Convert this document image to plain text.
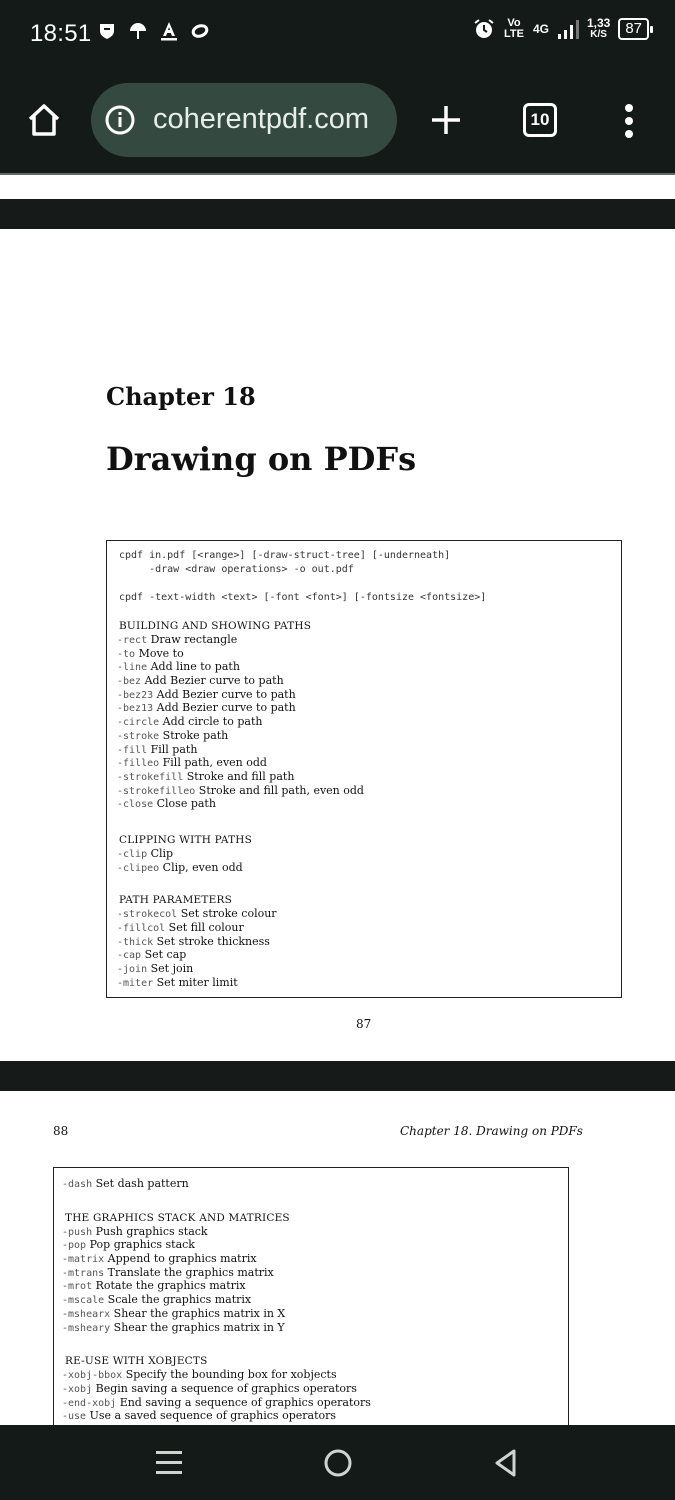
18:51	Vo LTE 4G	1,33
K/S	87
coherentpdf.com	10
Chapter 18
Drawing on PDFs
cpdf in.pdf [<range>] [-draw-struct-tree] [-underneath]
-draw <draw operations> -o out.pdf
cpdf -text-width <text> [-font <font>] [-fontsize <fontsize>]
BUILDING AND SHOWING PATHS
-rect Draw rectangle
-to Move to
-line Add line to path
-bez Add Bezier curve to path
-bez23 Add Bezier curve to path
-bez13 Add Bezier curve to path
-circle Add circle to path
-stroke Stroke path
-fill Fill path
-filleo Fill path, even odd
-strokefill Stroke and fill path
-strokefilleo Stroke and fill path, even odd
-close Close path
CLIPPING WITH PATHS
-clip Clip
-clipeo Clip, even odd
PATH PARAMETERS
-strokecol Set stroke colour
-fillcol Set fill colour
-thick Set stroke thickness
-cap Set cap
-join Set join
-miter Set miter limit
87
88	Chapter 18. Drawing on PDFs
-dash Set dash pattern
THE GRAPHICS STACK AND MATRICES
-push Push graphics stack
-pop Pop graphics stack
-matrix Append to graphics matrix
-mtrans Translate the graphics matrix
-mrot Rotate the graphics matrix
-mscale Scale the graphics matrix
-mshearx Shear the graphics matrix in X
-msheary Shear the graphics matrix in Y
RE-USE WITH XOBJECTS
-xobj-bbox Specify the bounding box for xobjects
-xobj Begin saving a sequence of graphics operators
-end-xobj End saving a sequence of graphics operators
-use Use a saved sequence of graphics operators
